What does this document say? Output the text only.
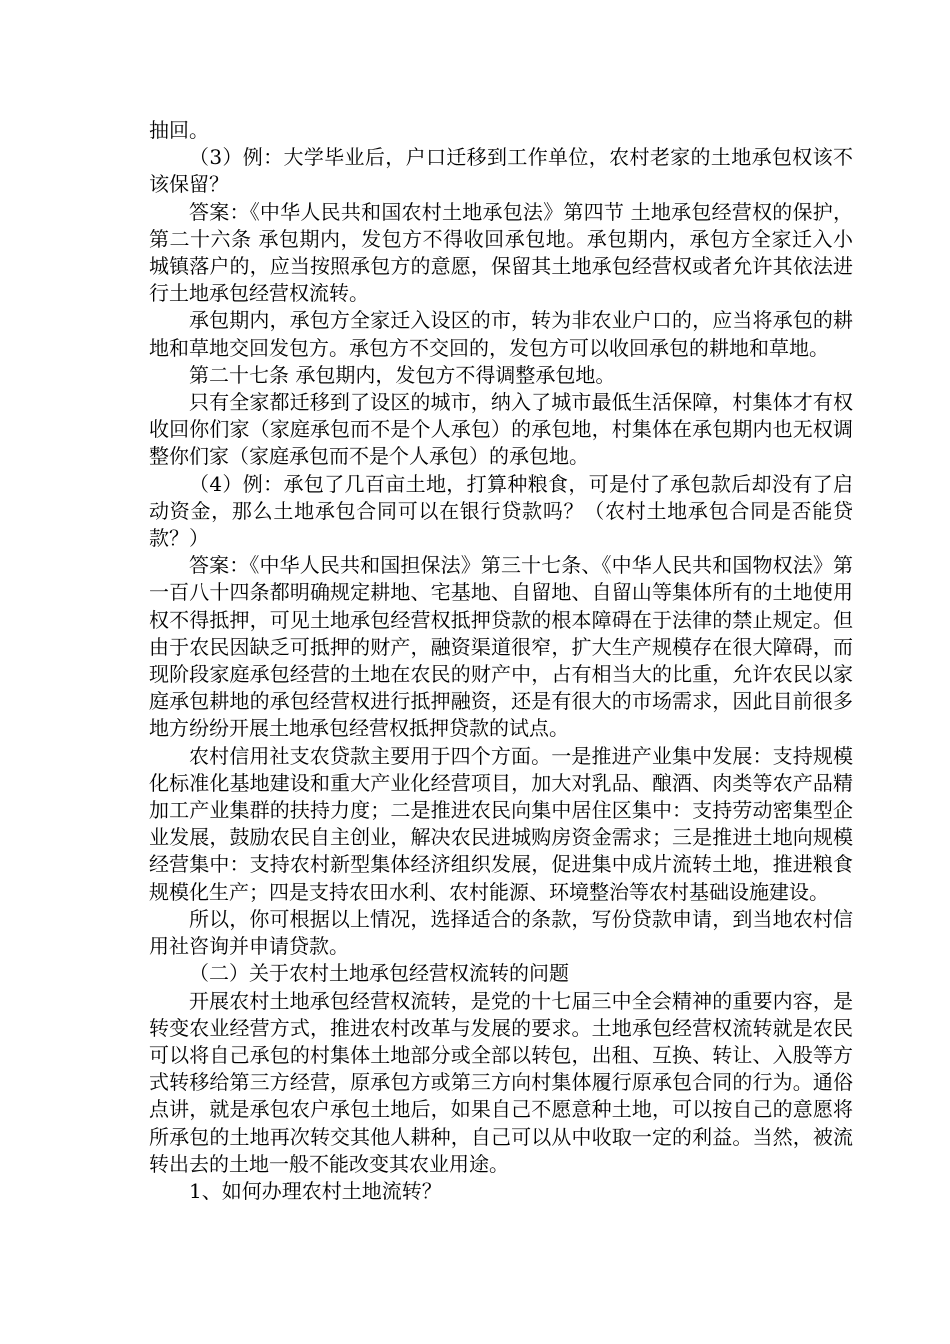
抽回。

（3）例：大学毕业后，户口迁移到工作单位，农村老家的土地承包权该不该保留？

答案：《中华人民共和国农村土地承包法》第四节 土地承包经营权的保护，第二十六条 承包期内，发包方不得收回承包地。承包期内，承包方全家迁入小城镇落户的，应当按照承包方的意愿，保留其土地承包经营权或者允许其依法进行土地承包经营权流转。

承包期内，承包方全家迁入设区的市，转为非农业户口的，应当将承包的耕地和草地交回发包方。承包方不交回的，发包方可以收回承包的耕地和草地。

第二十七条 承包期内，发包方不得调整承包地。

只有全家都迁移到了设区的城市，纳入了城市最低生活保障，村集体才有权收回你们家（家庭承包而不是个人承包）的承包地，村集体在承包期内也无权调整你们家（家庭承包而不是个人承包）的承包地。

（4）例：承包了几百亩土地，打算种粮食，可是付了承包款后却没有了启动资金，那么土地承包合同可以在银行贷款吗？（农村土地承包合同是否能贷款？）

答案：《中华人民共和国担保法》第三十七条、《中华人民共和国物权法》第一百八十四条都明确规定耕地、宅基地、自留地、自留山等集体所有的土地使用权不得抵押，可见土地承包经营权抵押贷款的根本障碍在于法律的禁止规定。但由于农民因缺乏可抵押的财产，融资渠道很窄，扩大生产规模存在很大障碍，而现阶段家庭承包经营的土地在农民的财产中，占有相当大的比重，允许农民以家庭承包耕地的承包经营权进行抵押融资，还是有很大的市场需求，因此目前很多地方纷纷开展土地承包经营权抵押贷款的试点。

农村信用社支农贷款主要用于四个方面。一是推进产业集中发展：支持规模化标准化基地建设和重大产业化经营项目，加大对乳品、酿酒、肉类等农产品精加工产业集群的扶持力度；二是推进农民向集中居住区集中：支持劳动密集型企业发展，鼓励农民自主创业，解决农民进城购房资金需求；三是推进土地向规模经营集中：支持农村新型集体经济组织发展，促进集中成片流转土地，推进粮食规模化生产；四是支持农田水利、农村能源、环境整治等农村基础设施建设。

所以，你可根据以上情况，选择适合的条款，写份贷款申请，到当地农村信用社咨询并申请贷款。

（二）关于农村土地承包经营权流转的问题

开展农村土地承包经营权流转，是党的十七届三中全会精神的重要内容，是转变农业经营方式，推进农村改革与发展的要求。土地承包经营权流转就是农民可以将自己承包的村集体土地部分或全部以转包，出租、互换、转让、入股等方式转移给第三方经营，原承包方或第三方向村集体履行原承包合同的行为。通俗点讲，就是承包农户承包土地后，如果自己不愿意种土地，可以按自己的意愿将所承包的土地再次转交其他人耕种，自己可以从中收取一定的利益。当然，被流转出去的土地一般不能改变其农业用途。

1、如何办理农村土地流转？
